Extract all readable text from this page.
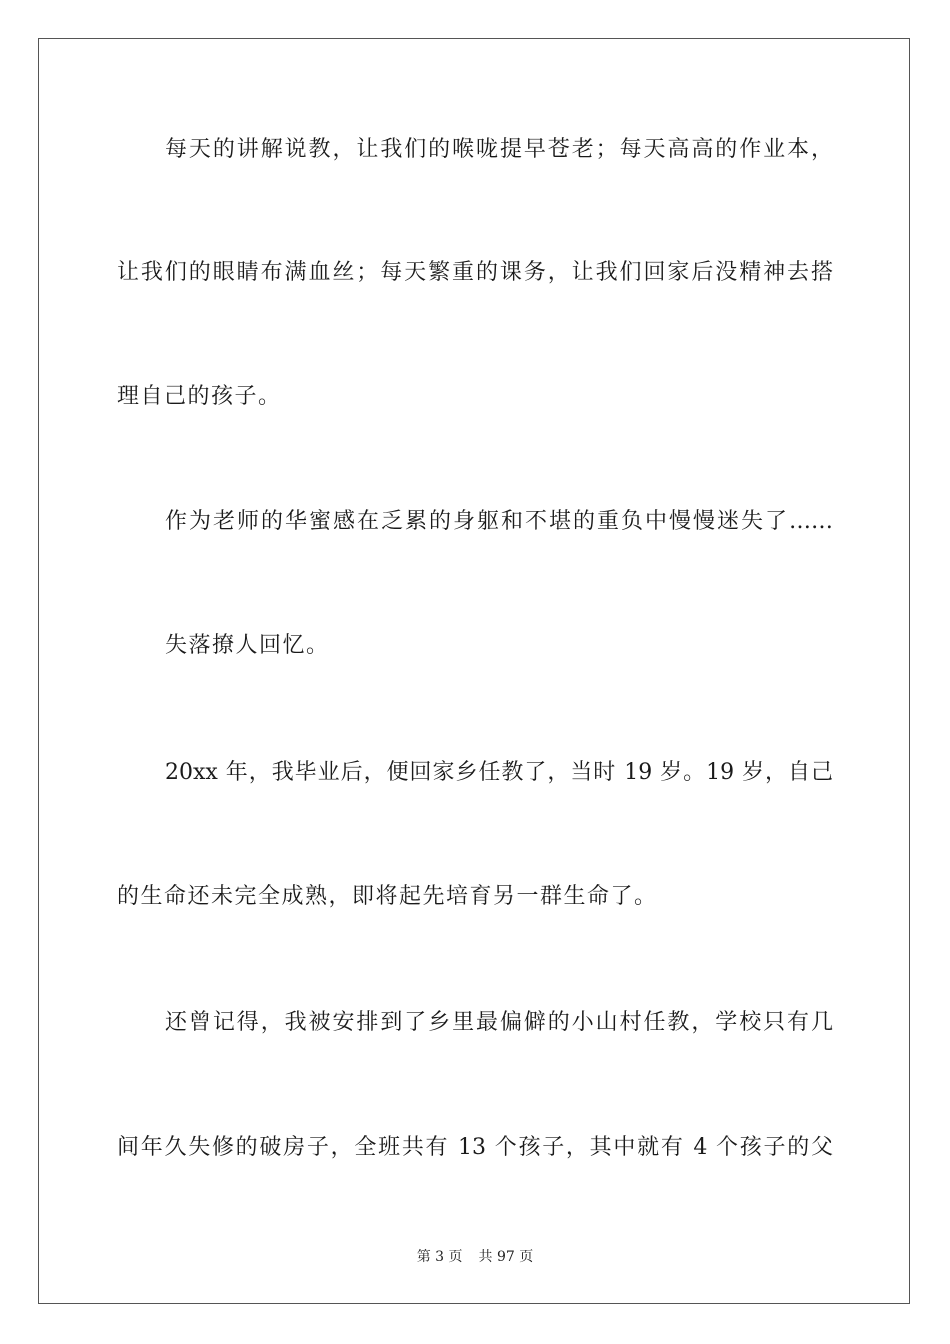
每天的讲解说教，让我们的喉咙提早苍老；每天高高的作业本，
让我们的眼睛布满血丝；每天繁重的课务，让我们回家后没精神去搭
理自己的孩子。
作为老师的华蜜感在乏累的身躯和不堪的重负中慢慢迷失了……
失落撩人回忆。
20xx 年，我毕业后，便回家乡任教了，当时 19 岁。19 岁，自己
的生命还未完全成熟，即将起先培育另一群生命了。
还曾记得，我被安排到了乡里最偏僻的小山村任教，学校只有几
间年久失修的破房子，全班共有 13 个孩子，其中就有 4 个孩子的父
第 3 页 共 97 页
